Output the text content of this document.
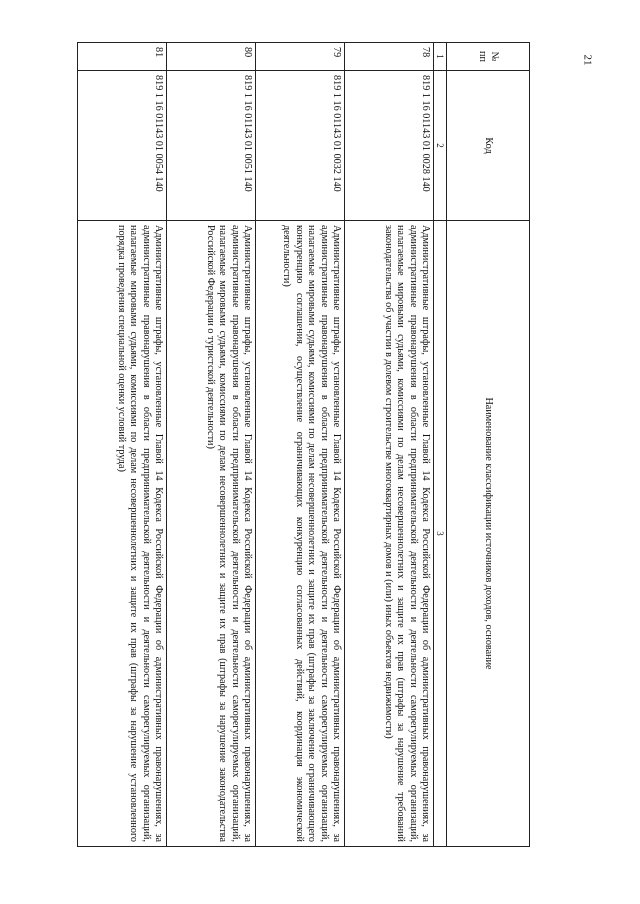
21
№ пп	Код	Наименование классификации источников доходов, основание
1	2	3
78	819 1 16 01143 01 0028 140	Административные штрафы, установленные Главой 14 Кодекса Российской Федерации об административных правонарушениях, за административные правонарушения в области предпринимательской деятельности и деятельности саморегулируемых организаций, налагаемые мировыми судьями, комиссиями по делам несовершеннолетних и защите их прав (штрафы за нарушение требований законодательства об участии в долевом строительстве многоквартирных домов и (или) иных объектов недвижимости)
79	819 1 16 01143 01 0032 140	Административные штрафы, установленные Главой 14 Кодекса Российской Федерации об административных правонарушениях, за административные правонарушения в области предпринимательской деятельности и деятельности саморегулируемых организаций, налагаемые мировыми судьями, комиссиями по делам несовершеннолетних и защите их прав (штрафы за заключение ограничивающего конкуренцию соглашения, осуществление ограничивающих конкуренцию согласованных действий, координация экономической деятельности)
80	819 1 16 01143 01 0051 140	Административные штрафы, установленные Главой 14 Кодекса Российской Федерации об административных правонарушениях, за административные правонарушения в области предпринимательской деятельности и деятельности саморегулируемых организаций, налагаемые мировыми судьями, комиссиями по делам несовершеннолетних и защите их прав (штрафы за нарушение законодательства Российской Федерации о туристской деятельности)
81	819 1 16 01143 01 0054 140	Административные штрафы, установленные Главой 14 Кодекса Российской Федерации об административных правонарушениях, за административные правонарушения в области предпринимательской деятельности и деятельности саморегулируемых организаций, налагаемые мировыми судьями, комиссиями по делам несовершеннолетних и защите их прав (штрафы за нарушение установленного порядка проведения специальной оценки условий труда)
